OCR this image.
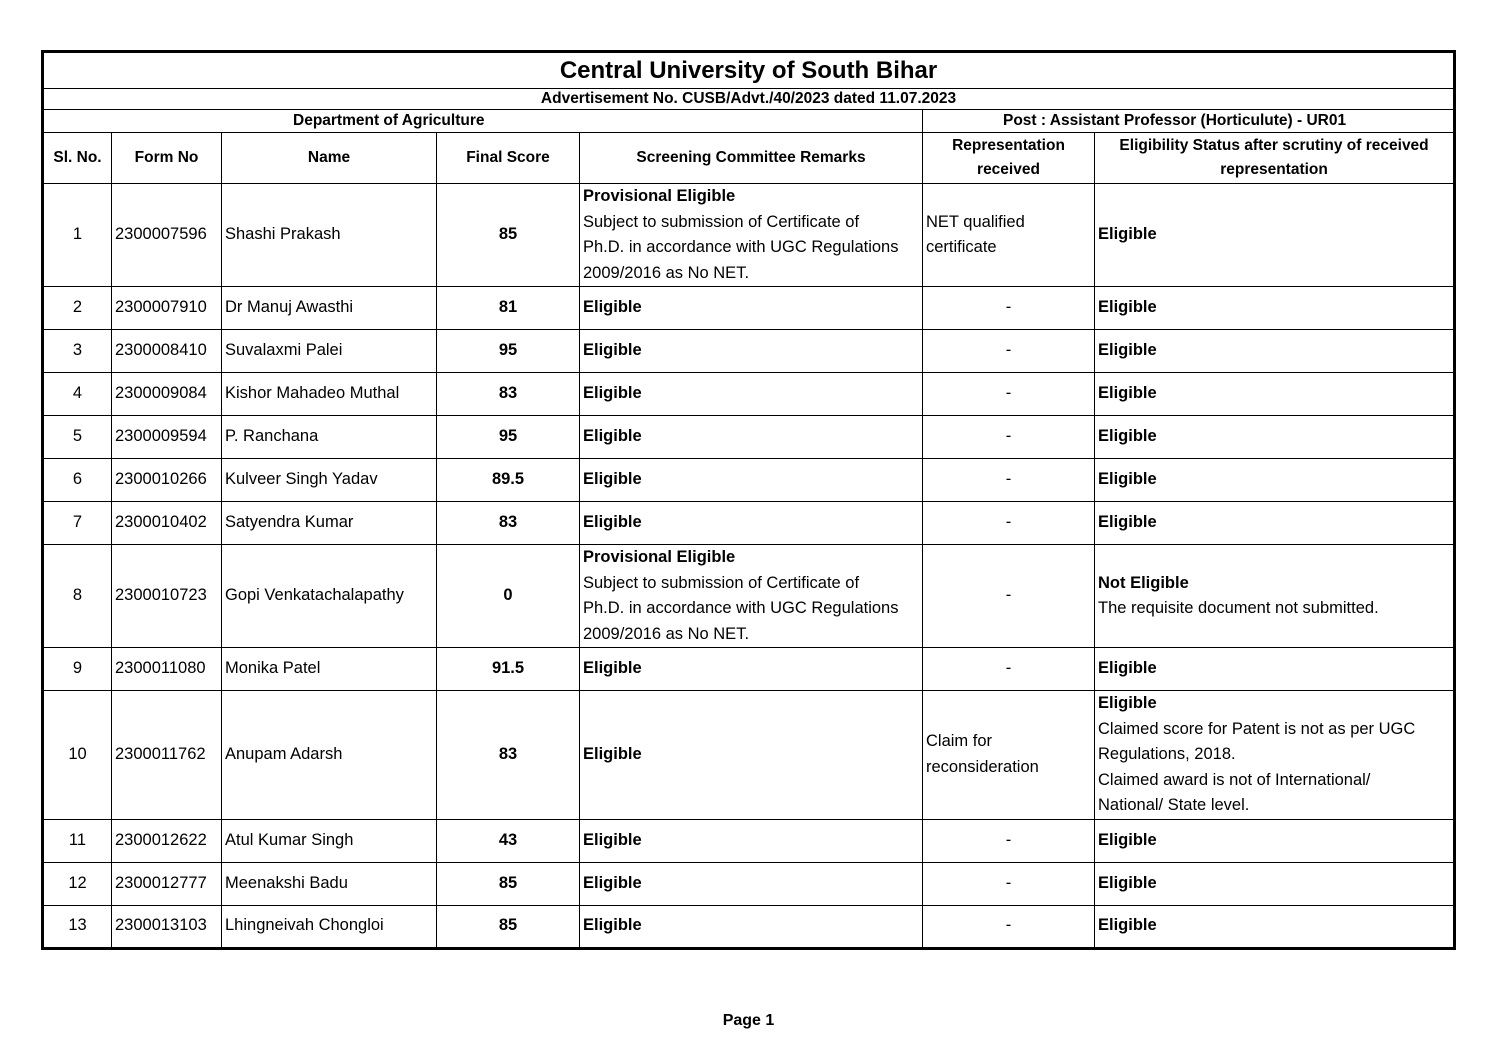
Central University of South Bihar						
Advertisement No. CUSB/Advt./40/2023 dated 11.07.2023						
Department of Agriculture					Post : Assistant Professor (Horticulute) - UR01	
Sl. No.	Form No	Name	Final Score	Screening Committee Remarks	Representation
received	Eligibility Status after scrutiny of received
representation

1	2300007596	Shashi Prakash	85	Provisional Eligible
Subject to submission of Certificate of
Ph.D. in accordance with UGC Regulations
2009/2016 as No NET.	NET qualified
certificate	Eligible
2	2300007910	Dr Manuj Awasthi	81	Eligible	-	Eligible
3	2300008410	Suvalaxmi Palei	95	Eligible	-	Eligible
4	2300009084	Kishor Mahadeo Muthal	83	Eligible	-	Eligible
5	2300009594	P. Ranchana	95	Eligible	-	Eligible
6	2300010266	Kulveer Singh Yadav	89.5	Eligible	-	Eligible
7	2300010402	Satyendra Kumar	83	Eligible	-	Eligible
8	2300010723	Gopi Venkatachalapathy	0	Provisional Eligible
Subject to submission of Certificate of
Ph.D. in accordance with UGC Regulations
2009/2016 as No NET.	-	Not Eligible
The requisite document not submitted.

9	2300011080	Monika Patel	91.5	Eligible	-	Eligible
10	2300011762	Anupam Adarsh	83	Eligible	Claim for
reconsideration	Eligible
Claimed score for Patent is not as per UGC
Regulations, 2018.
Claimed award is not of International/
National/ State level.

11	2300012622	Atul Kumar Singh	43	Eligible	-	Eligible
12	2300012777	Meenakshi Badu	85	Eligible	-	Eligible
13	2300013103	Lhingneivah Chongloi	85	Eligible	-	Eligible
Page 1
